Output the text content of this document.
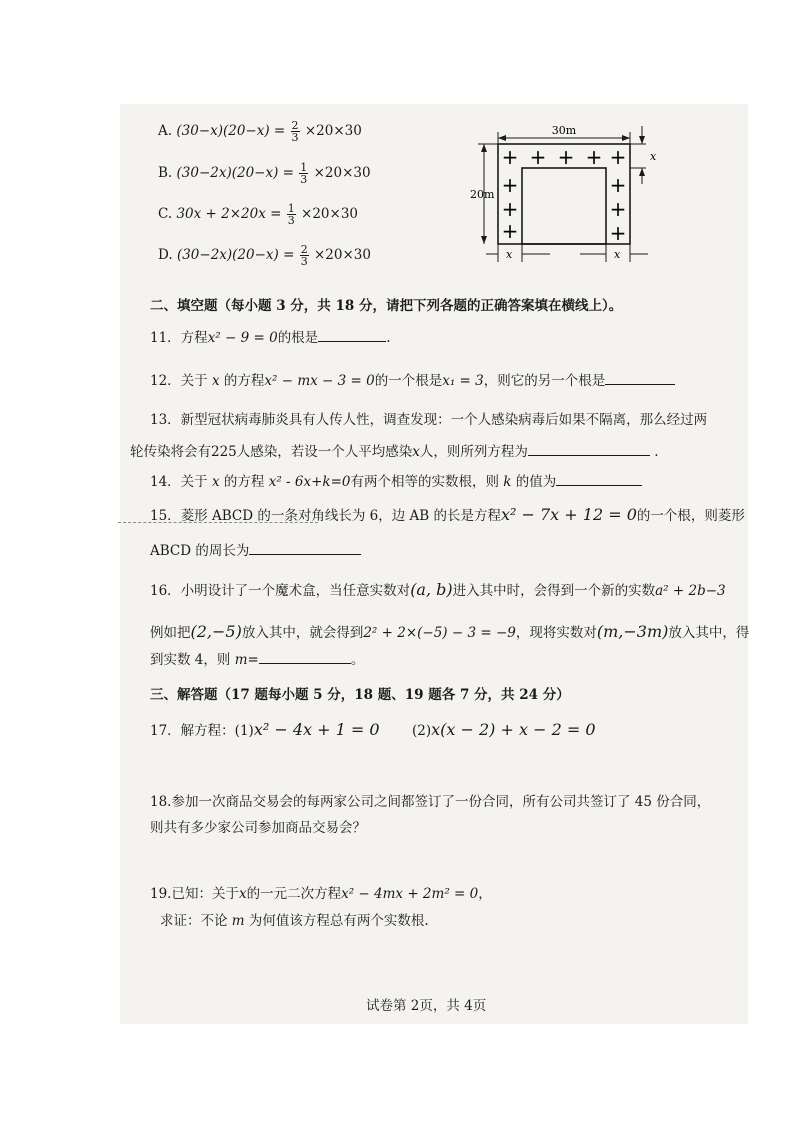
A. $(30-x)(20-x) = \frac{2}{3} \times 20\times 30$
B. $(30-2x)(20-x) = \frac{1}{3} \times 20\times 30$
C. $30x + 2\times 20x = \frac{1}{3} \times 20\times 30$
D. $(30-2x)(20-x) = \frac{2}{3} \times 20\times 30$
30m
20m
x
x	x
+ + + + +
+
+
+
+
+
+
二、填空题（每小题 3 分，共 18 分，请把下列各题的正确答案填在横线上）。
11．方程x² − 9 = 0的根是	.
12．关于 x 的方程x² − mx − 3 = 0的一个根是x₁ = 3，则它的另一个根是
13．新型冠状病毒肺炎具有人传人性，调查发现：一个人感染病毒后如果不隔离，那么经过两
轮传染将会有225人感染，若设一个人平均感染x人，则所列方程为	.
14．关于 x 的方程 x² - 6x+k=0有两个相等的实数根，则 k 的值为
15．菱形 ABCD 的一条对角线长为 6，边 AB 的长是方程x² − 7x + 12 = 0的一个根，则菱形
ABCD 的周长为
16．小明设计了一个魔术盒，当任意实数对(a, b)进入其中时，会得到一个新的实数a² + 2b−3
例如把(2,−5)放入其中，就会得到2² + 2×(−5) − 3 = −9，现将实数对(m,−3m)放入其中，得
到实数 4，则 m=	。
三、解答题（17 题每小题 5 分，18 题、19 题各 7 分，共 24 分）
17．解方程：(1)x² − 4x + 1 = 0 (2)x(x − 2) + x − 2 = 0
18.参加一次商品交易会的每两家公司之间都签订了一份合同，所有公司共签订了 45 份合同，
则共有多少家公司参加商品交易会？
19.已知：关于x的一元二次方程x² − 4mx + 2m² = 0，
求证：不论 m 为何值该方程总有两个实数根.
试卷第 2页，共 4页
